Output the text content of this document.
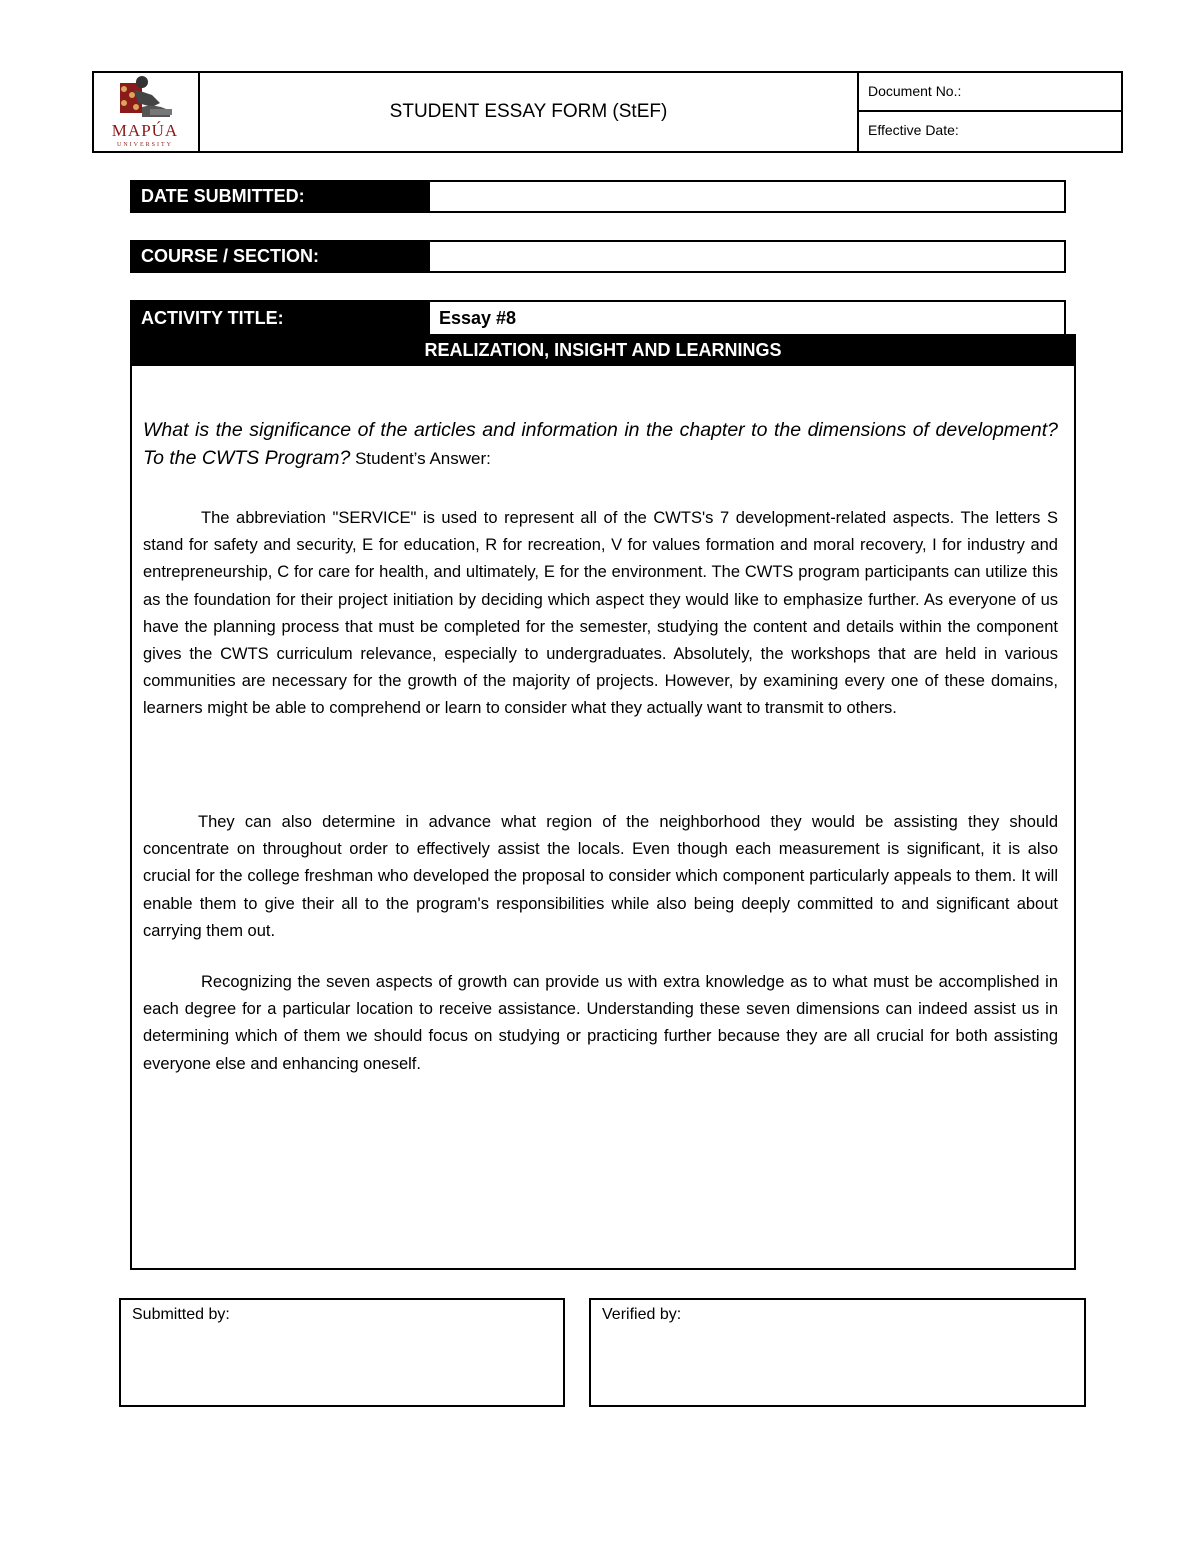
MAPÚA
UNIVERSITY
STUDENT ESSAY FORM (StEF)
Document No.:
Effective Date:
DATE SUBMITTED:
COURSE / SECTION:
ACTIVITY TITLE:	Essay #8
REALIZATION, INSIGHT AND LEARNINGS
What is the significance of the articles and information in the chapter to the dimensions of development? To the CWTS Program? Student’s Answer:
The abbreviation "SERVICE" is used to represent all of the CWTS's 7 development-related aspects. The letters S stand for safety and security, E for education, R for recreation, V for values formation and moral recovery, I for industry and entrepreneurship, C for care for health, and ultimately, E for the environment. The CWTS program participants can utilize this as the foundation for their project initiation by deciding which aspect they would like to emphasize further. As everyone of us have the planning process that must be completed for the semester, studying the content and details within the component gives the CWTS curriculum relevance, especially to undergraduates. Absolutely, the workshops that are held in various communities are necessary for the growth of the majority of projects. However, by examining every one of these domains, learners might be able to comprehend or learn to consider what they actually want to transmit to others.
They can also determine in advance what region of the neighborhood they would be assisting they should concentrate on throughout order to effectively assist the locals. Even though each measurement is significant, it is also crucial for the college freshman who developed the proposal to consider which component particularly appeals to them. It will enable them to give their all to the program's responsibilities while also being deeply committed to and significant about carrying them out.
Recognizing the seven aspects of growth can provide us with extra knowledge as to what must be accomplished in each degree for a particular location to receive assistance. Understanding these seven dimensions can indeed assist us in determining which of them we should focus on studying or practicing further because they are all crucial for both assisting everyone else and enhancing oneself.
Submitted by:	Verified by:
